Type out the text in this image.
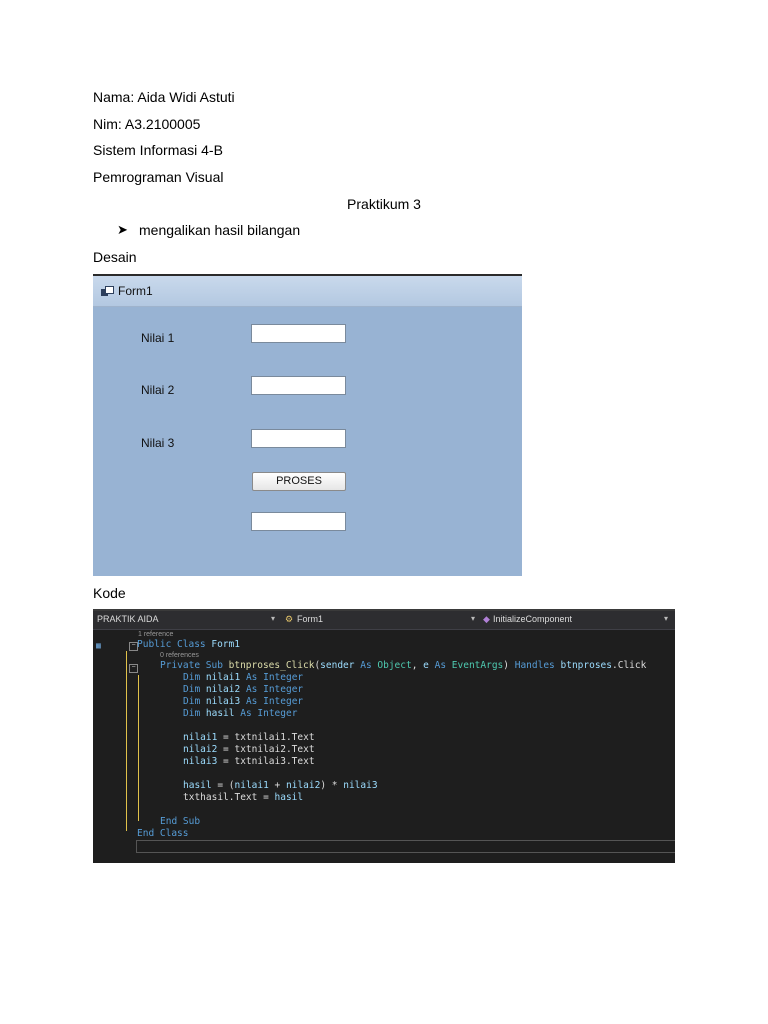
Nama: Aida Widi Astuti
Nim: A3.2100005
Sistem Informasi 4-B
Pemrograman Visual
Praktikum 3
➤ mengalikan hasil bilangan
Desain
Form1
Nilai 1
Nilai 2
Nilai 3
PROSES
Kode
PRAKTIK AIDA	▾ ⚙ Form1	▾ ◆ InitializeComponent	▾
▦	−
−
1 reference
Public Class Form1
0 references
Private Sub btnproses_Click(sender As Object, e As EventArgs) Handles btnproses.Click
Dim nilai1 As Integer
Dim nilai2 As Integer
Dim nilai3 As Integer
Dim hasil As Integer
nilai1 = txtnilai1.Text
nilai2 = txtnilai2.Text
nilai3 = txtnilai3.Text
hasil = (nilai1 + nilai2) * nilai3
txthasil.Text = hasil
End Sub
End Class
